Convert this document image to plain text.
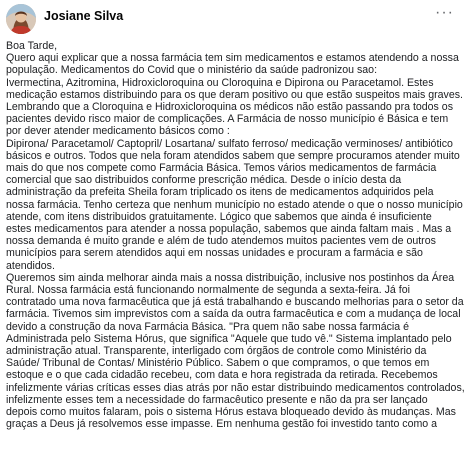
Josiane Silva	···

Boa Tarde,

Quero aqui explicar que a nossa farmácia tem sim medicamentos e estamos atendendo a nossa

população. Medicamentos do Covid que o ministério da saúde padronizou sao:

Ivermectina, Azitromina, Hidroxicloroquina ou Cloroquina e Dipirona ou Paracetamol. Estes

medicação estamos distribuindo para os que deram positivo ou que estão suspeitos mais graves.

Lembrando que a Cloroquina e Hidroxicloroquina os médicos não estão passando pra todos os

pacientes devido risco maior de complicações. A Farmácia de nosso município é Básica e tem

por dever atender medicamento básicos como :

Dipirona/ Paracetamol/ Captopril/ Losartana/ sulfato ferroso/ medicação verminoses/ antibiótico

básicos e outros. Todos que nela foram atendidos sabem que sempre procuramos atender muito

mais do que nos compete como Farmácia Básica. Temos vários medicamentos de farmácia

comercial que sao distribuidos conforme prescrição médica. Desde o início desta da

administração da prefeita Sheila foram triplicado os itens de medicamentos adquiridos pela

nossa farmácia. Tenho certeza que nenhum município no estado atende o que o nosso município

atende, com itens distribuidos gratuitamente. Lógico que sabemos que ainda é insuficiente

estes medicamentos para atender a nossa população, sabemos que ainda faltam mais . Mas a

nossa demanda é muito grande e além de tudo atendemos muitos pacientes vem de outros

municípios para serem atendidos aqui em nossas unidades e procuram a farmácia e são

atendidos.

Queremos sim ainda melhorar ainda mais a nossa distribuição, inclusive nos postinhos da Área

Rural. Nossa farmácia está funcionando normalmente de segunda a sexta-feira. Já foi

contratado uma nova farmacêutica que já está trabalhando e buscando melhorias para o setor da

farmácia. Tivemos sim imprevistos com a saída da outra farmacêutica e com a mudança de local

devido a construção da nova Farmácia Básica. "Pra quem não sabe nossa farmácia é

Administrada pelo Sistema Hórus, que significa "Aquele que tudo vê." Sistema implantado pelo

administração atual. Transparente, interligado com órgãos de controle como Ministério da

Saúde/ Tribunal de Contas/ Ministério Público. Sabem o que compramos, o que temos em

estoque e o que cada cidadão recebeu, com data e hora registrada da retirada. Recebemos

infelizmente várias críticas esses dias atrás por não estar distribuindo medicamentos controlados,

infelizmente esses tem a necessidade do farmacêutico presente e não da pra ser lançado

depois como muitos falaram, pois o sistema Hórus estava bloqueado devido às mudanças. Mas

graças a Deus já resolvemos esse impasse. Em nenhuma gestão foi investido tanto como a
